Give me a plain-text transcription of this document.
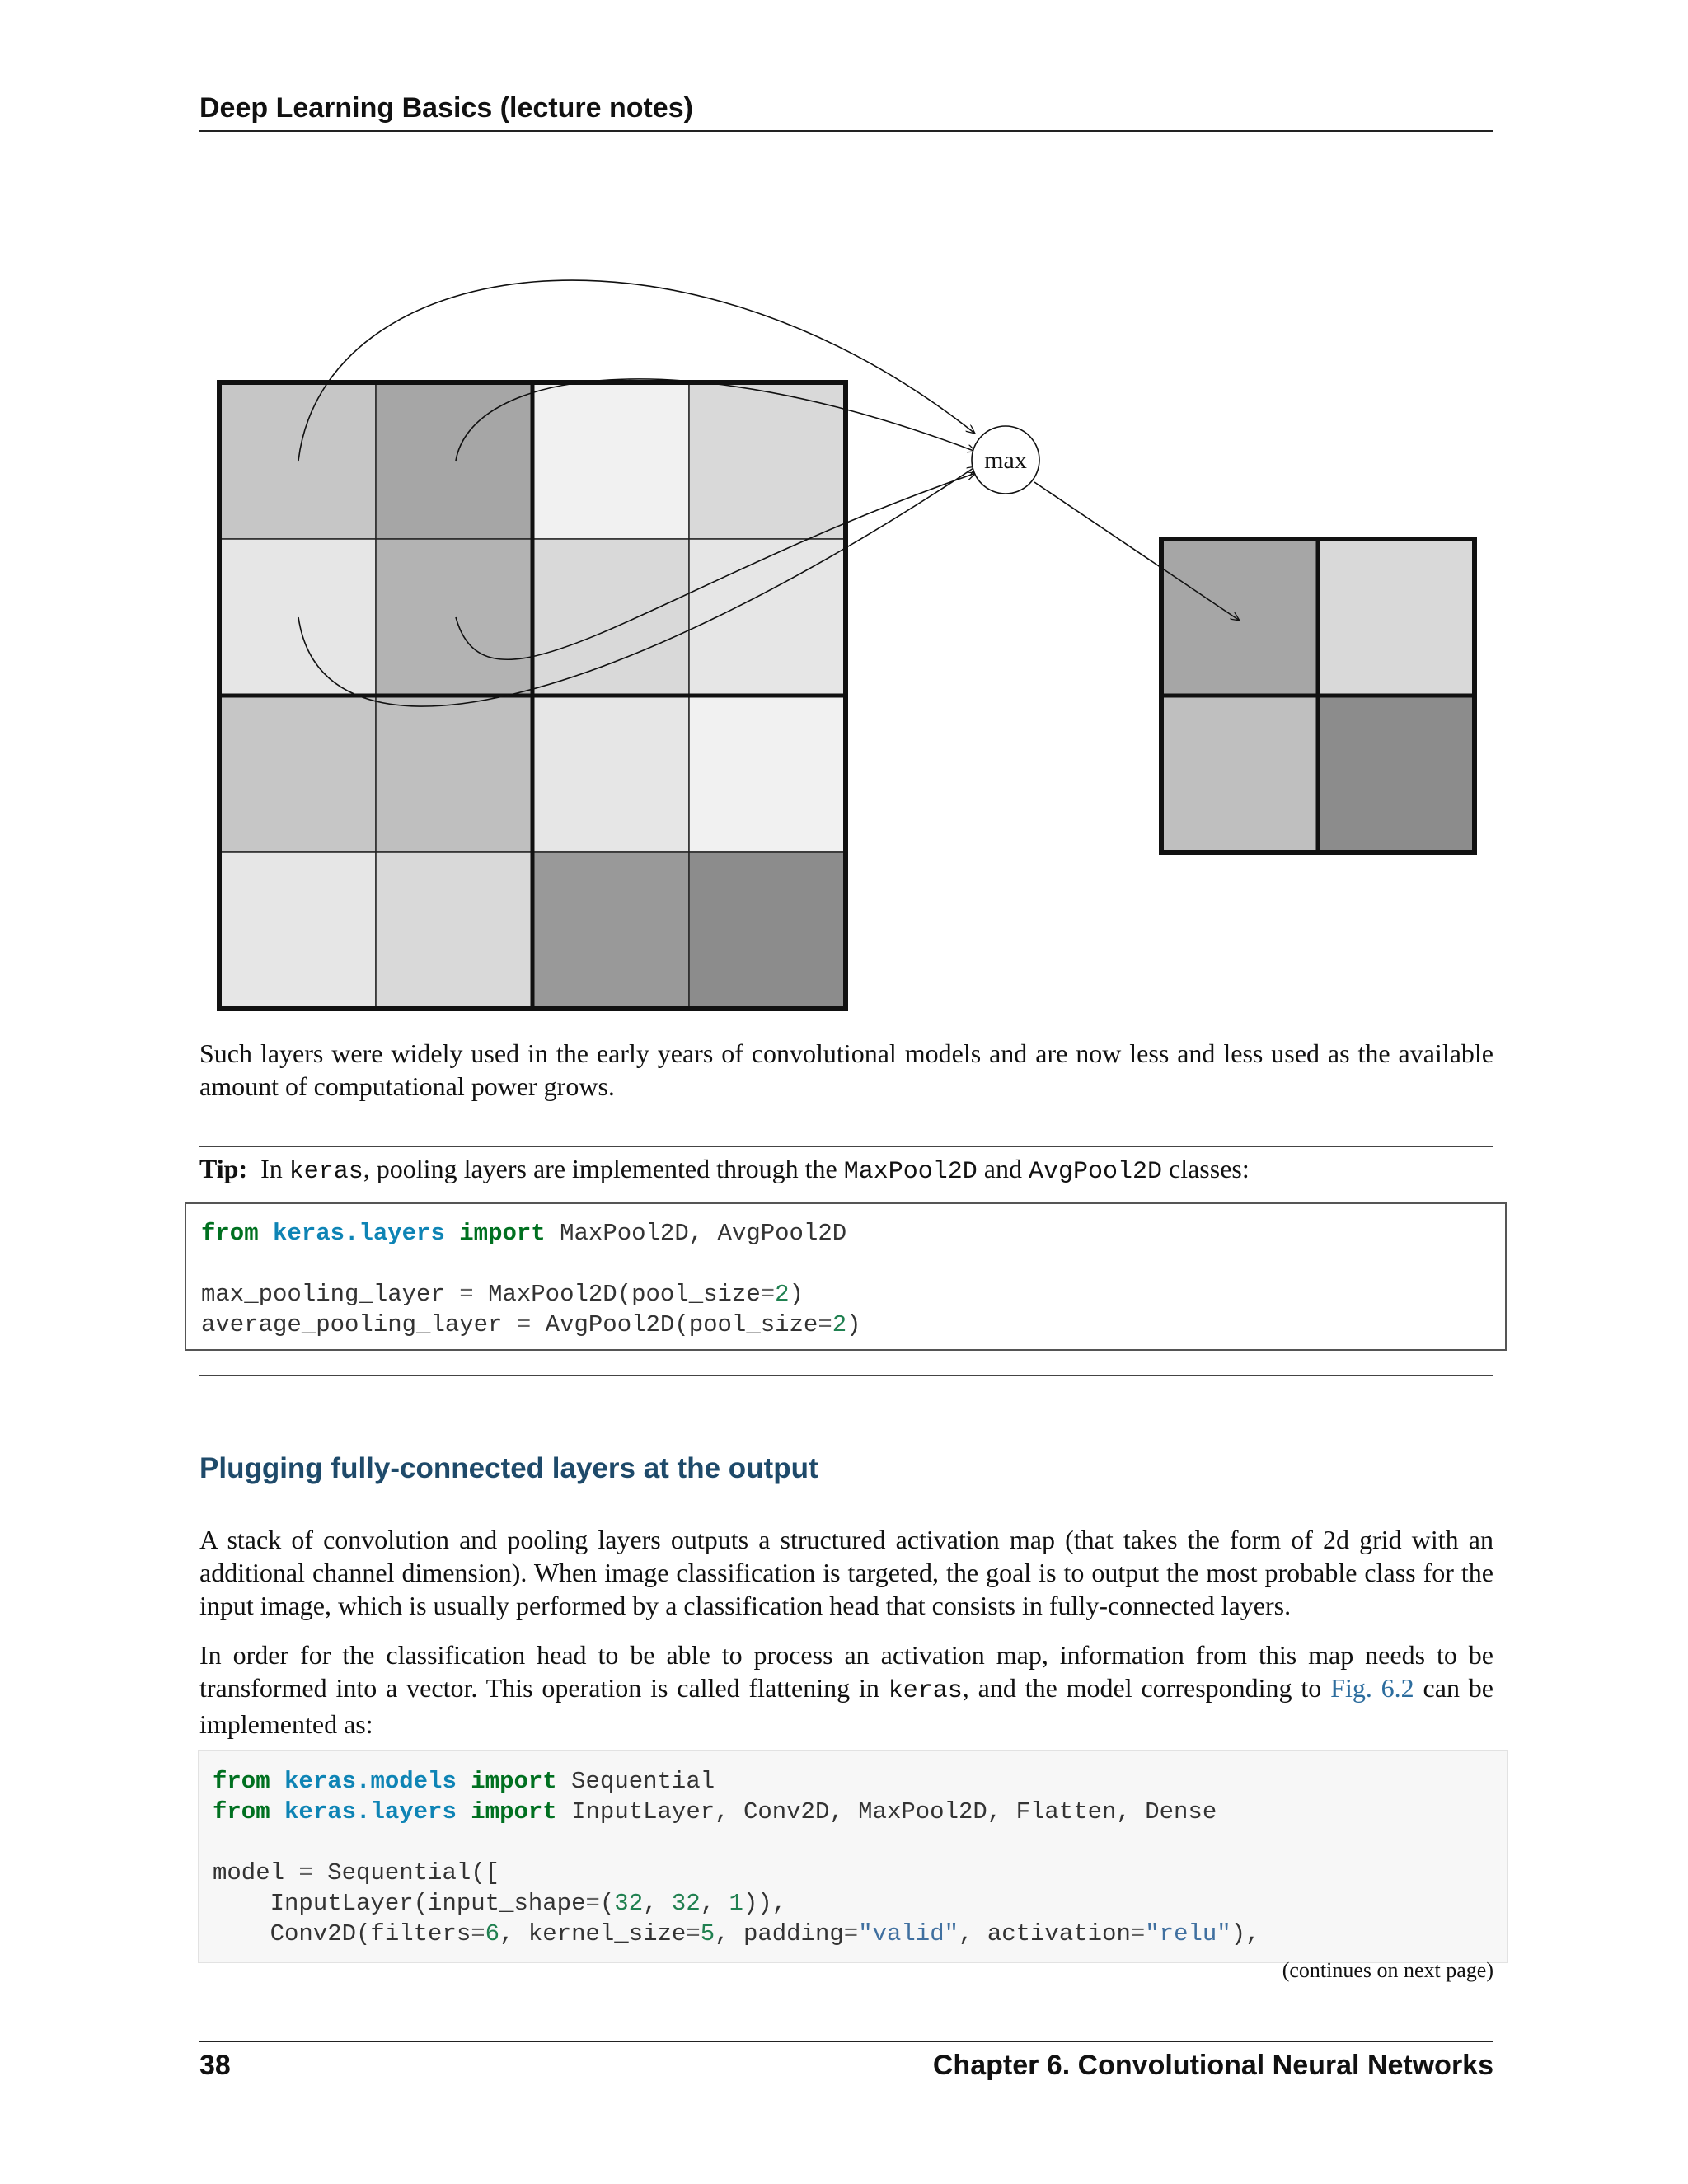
Deep Learning Basics (lecture notes)
max
Such layers were widely used in the early years of convolutional models and are now less and less used as the available amount of computational power grows.
Tip: In keras, pooling layers are implemented through the MaxPool2D and AvgPool2D classes:
from keras.layers import MaxPool2D, AvgPool2D

max_pooling_layer = MaxPool2D(pool_size=2)
average_pooling_layer = AvgPool2D(pool_size=2)
Plugging fully-connected layers at the output
A stack of convolution and pooling layers outputs a structured activation map (that takes the form of 2d grid with an additional channel dimension). When image classification is targeted, the goal is to output the most probable class for the input image, which is usually performed by a classification head that consists in fully-connected layers.
In order for the classification head to be able to process an activation map, information from this map needs to be transformed into a vector. This operation is called flattening in keras, and the model corresponding to Fig. 6.2 can be implemented as:
from keras.models import Sequential
from keras.layers import InputLayer, Conv2D, MaxPool2D, Flatten, Dense

model = Sequential([
InputLayer(input_shape=(32, 32, 1)),
Conv2D(filters=6, kernel_size=5, padding="valid", activation="relu"),
(continues on next page)
38	Chapter 6. Convolutional Neural Networks
